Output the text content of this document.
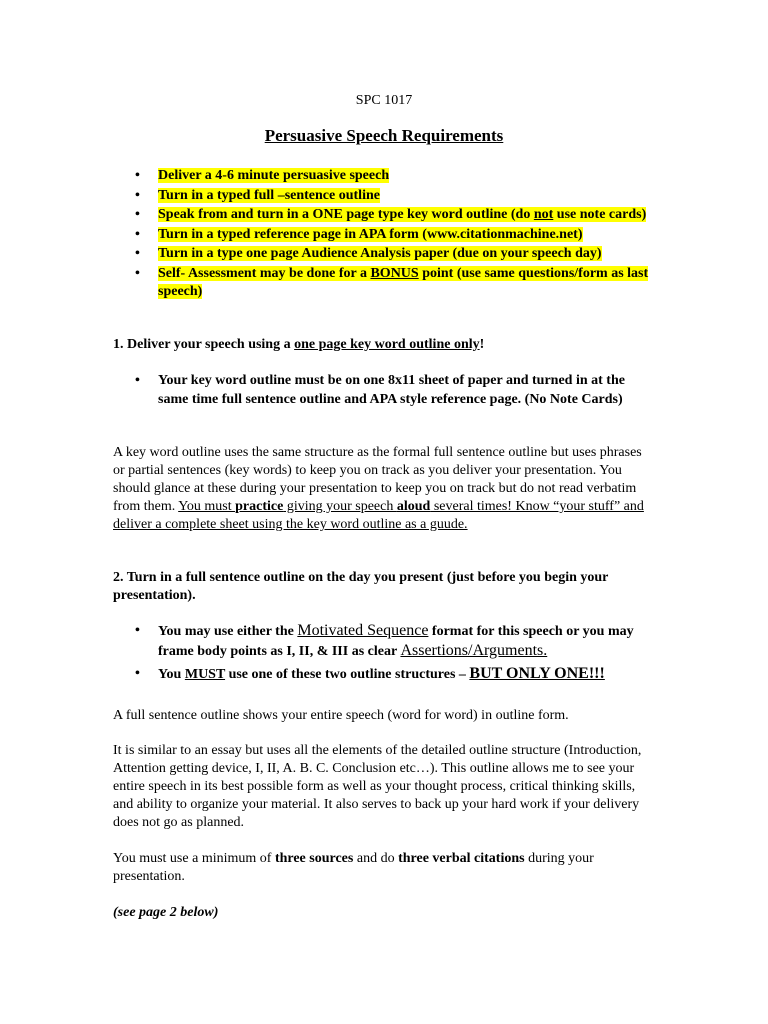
SPC 1017
Persuasive Speech Requirements
• Deliver a 4-6 minute persuasive speech
• Turn in a typed full –sentence outline
• Speak from and turn in a ONE page type key word outline (do not use note cards)
• Turn in a typed reference page in APA form (www.citationmachine.net)
• Turn in a type one page Audience Analysis paper (due on your speech day)
• Self- Assessment may be done for a BONUS point (use same questions/form as last speech)

1. Deliver your speech using a one page key word outline only!

• Your key word outline must be on one 8x11 sheet of paper and turned in at the same time full sentence outline and APA style reference page. (No Note Cards)

A key word outline uses the same structure as the formal full sentence outline but uses phrases or partial sentences (key words) to keep you on track as you deliver your presentation. You should glance at these during your presentation to keep you on track but do not read verbatim from them. You must practice giving your speech aloud several times! Know “your stuff” and deliver a complete sheet using the key word outline as a guude.

2. Turn in a full sentence outline on the day you present (just before you begin your presentation).

• You may use either the Motivated Sequence format for this speech or you may frame body points as I, II, & III as clear Assertions/Arguments.
• You MUST use one of these two outline structures – BUT ONLY ONE!!!

A full sentence outline shows your entire speech (word for word) in outline form.

It is similar to an essay but uses all the elements of the detailed outline structure (Introduction, Attention getting device, I, II, A. B. C. Conclusion etc…). This outline allows me to see your entire speech in its best possible form as well as your thought process, critical thinking skills, and ability to organize your material. It also serves to back up your hard work if your delivery does not go as planned.

You must use a minimum of three sources and do three verbal citations during your presentation.

(see page 2 below)
